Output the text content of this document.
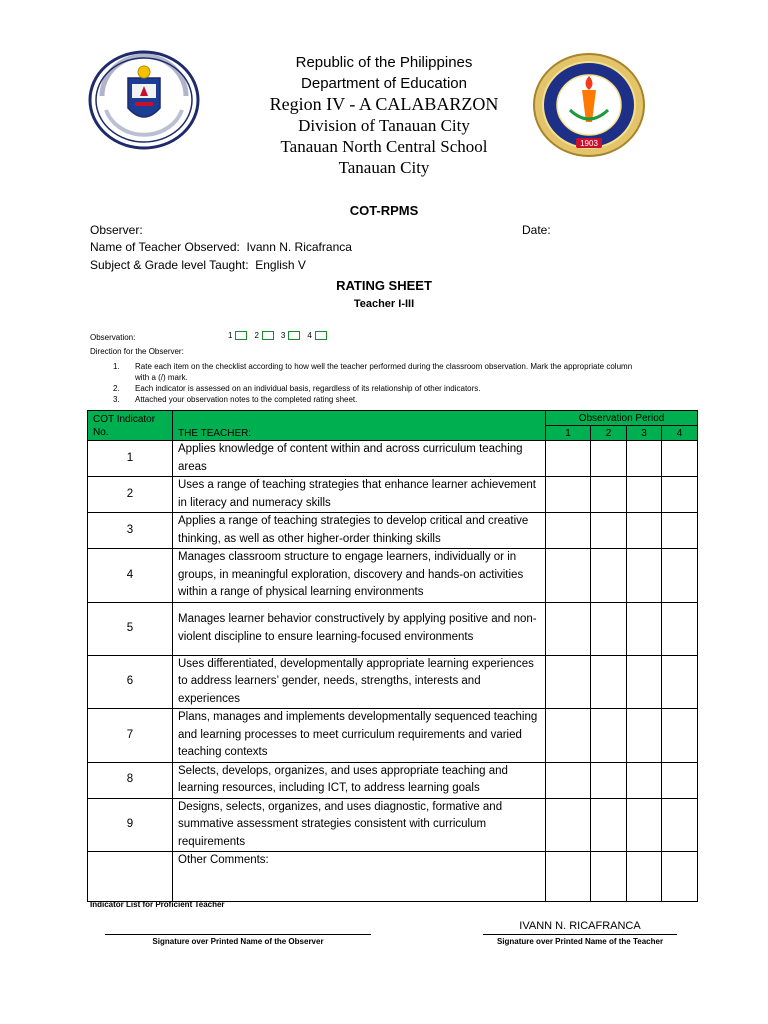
1903
Republic of the Philippines
Department of Education
Region IV - A CALABARZON
Division of Tanauan City
Tanauan North Central School
Tanauan City
COT-RPMS
Observer:	Date:
Name of Teacher Observed: Ivann N. Ricafranca
Subject & Grade level Taught: English V
RATING SHEET
Teacher I-III
Observation:	1	2	3	4
Direction for the Observer:
1. Rate each item on the checklist according to how well the teacher performed during the classroom observation. Mark the appropriate column with a (/) mark.
2. Each indicator is assessed on an individual basis, regardless of its relationship of other indicators.
3. Attached your observation notes to the completed rating sheet.
COT Indicator No.	THE TEACHER:	Observation Period			
		1	2	3	4
1	Applies knowledge of content within and across curriculum teaching areas				
2	Uses a range of teaching strategies that enhance learner achievement in literacy and numeracy skills				
3	Applies a range of teaching strategies to develop critical and creative thinking, as well as other higher-order thinking skills				
4	Manages classroom structure to engage learners, individually or in groups, in meaningful exploration, discovery and hands-on activities within a range of physical learning environments				
5	Manages learner behavior constructively by applying positive and non-violent discipline to ensure learning-focused environments				
6	Uses differentiated, developmentally appropriate learning experiences to address learners’ gender, needs, strengths, interests and experiences				
7	Plans, manages and implements developmentally sequenced teaching and learning processes to meet curriculum requirements and varied teaching contexts				
8	Selects, develops, organizes, and uses appropriate teaching and learning resources, including ICT, to address learning goals				
9	Designs, selects, organizes, and uses diagnostic, formative and summative assessment strategies consistent with curriculum requirements				
	Other Comments:				
Indicator List for Proficient Teacher
Signature over Printed Name of the Observer
IVANN N. RICAFRANCA
Signature over Printed Name of the Teacher
